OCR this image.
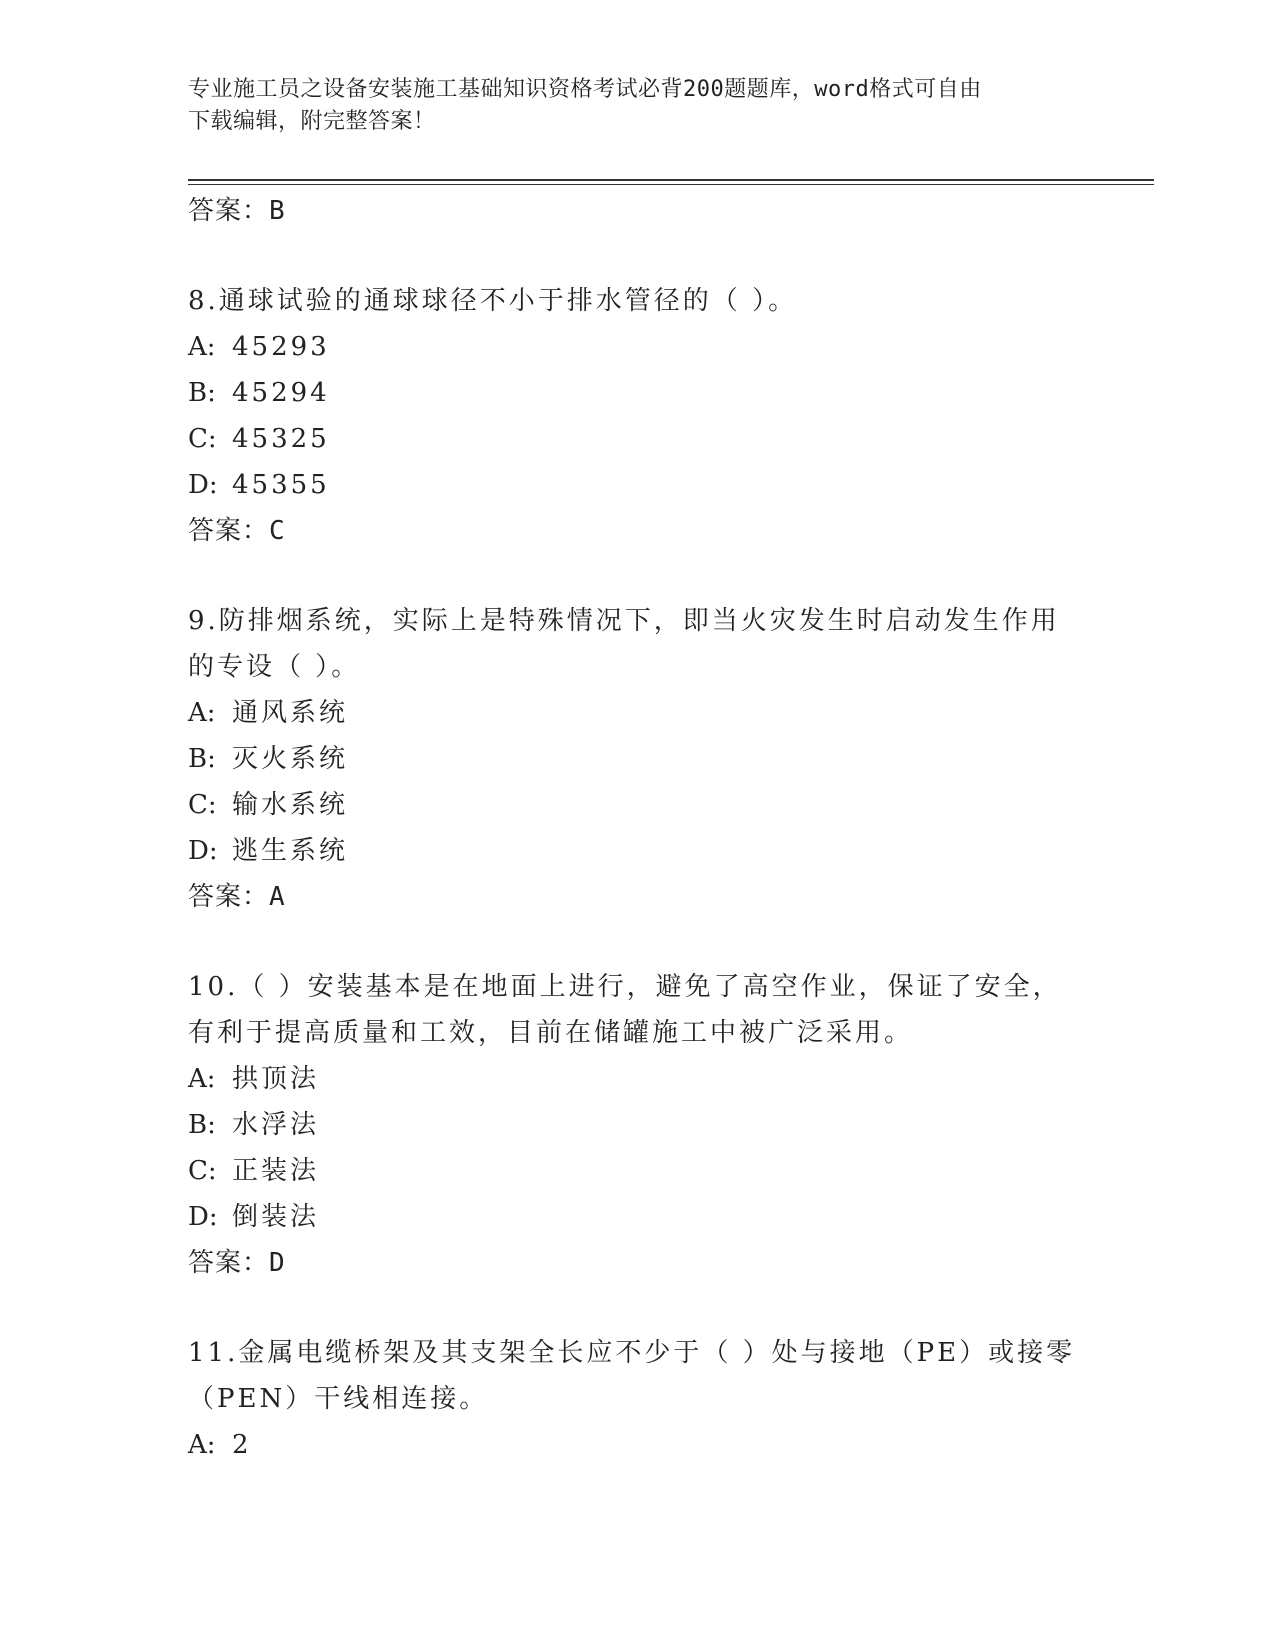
专业施工员之设备安装施工基础知识资格考试必背200题题库，word格式可自由
下载编辑，附完整答案！
答案：B
8.通球试验的通球球径不小于排水管径的（ ）。
A: 45293
B: 45294
C: 45325
D: 45355
答案：C
9.防排烟系统，实际上是特殊情况下，即当火灾发生时启动发生作用
的专设（ ）。
A: 通风系统
B: 灭火系统
C: 输水系统
D: 逃生系统
答案：A
10.（ ）安装基本是在地面上进行，避免了高空作业，保证了安全，
有利于提高质量和工效，目前在储罐施工中被广泛采用。
A: 拱顶法
B: 水浮法
C: 正装法
D: 倒装法
答案：D
11.金属电缆桥架及其支架全长应不少于（ ）处与接地（PE）或接零
（PEN）干线相连接。
A: 2
